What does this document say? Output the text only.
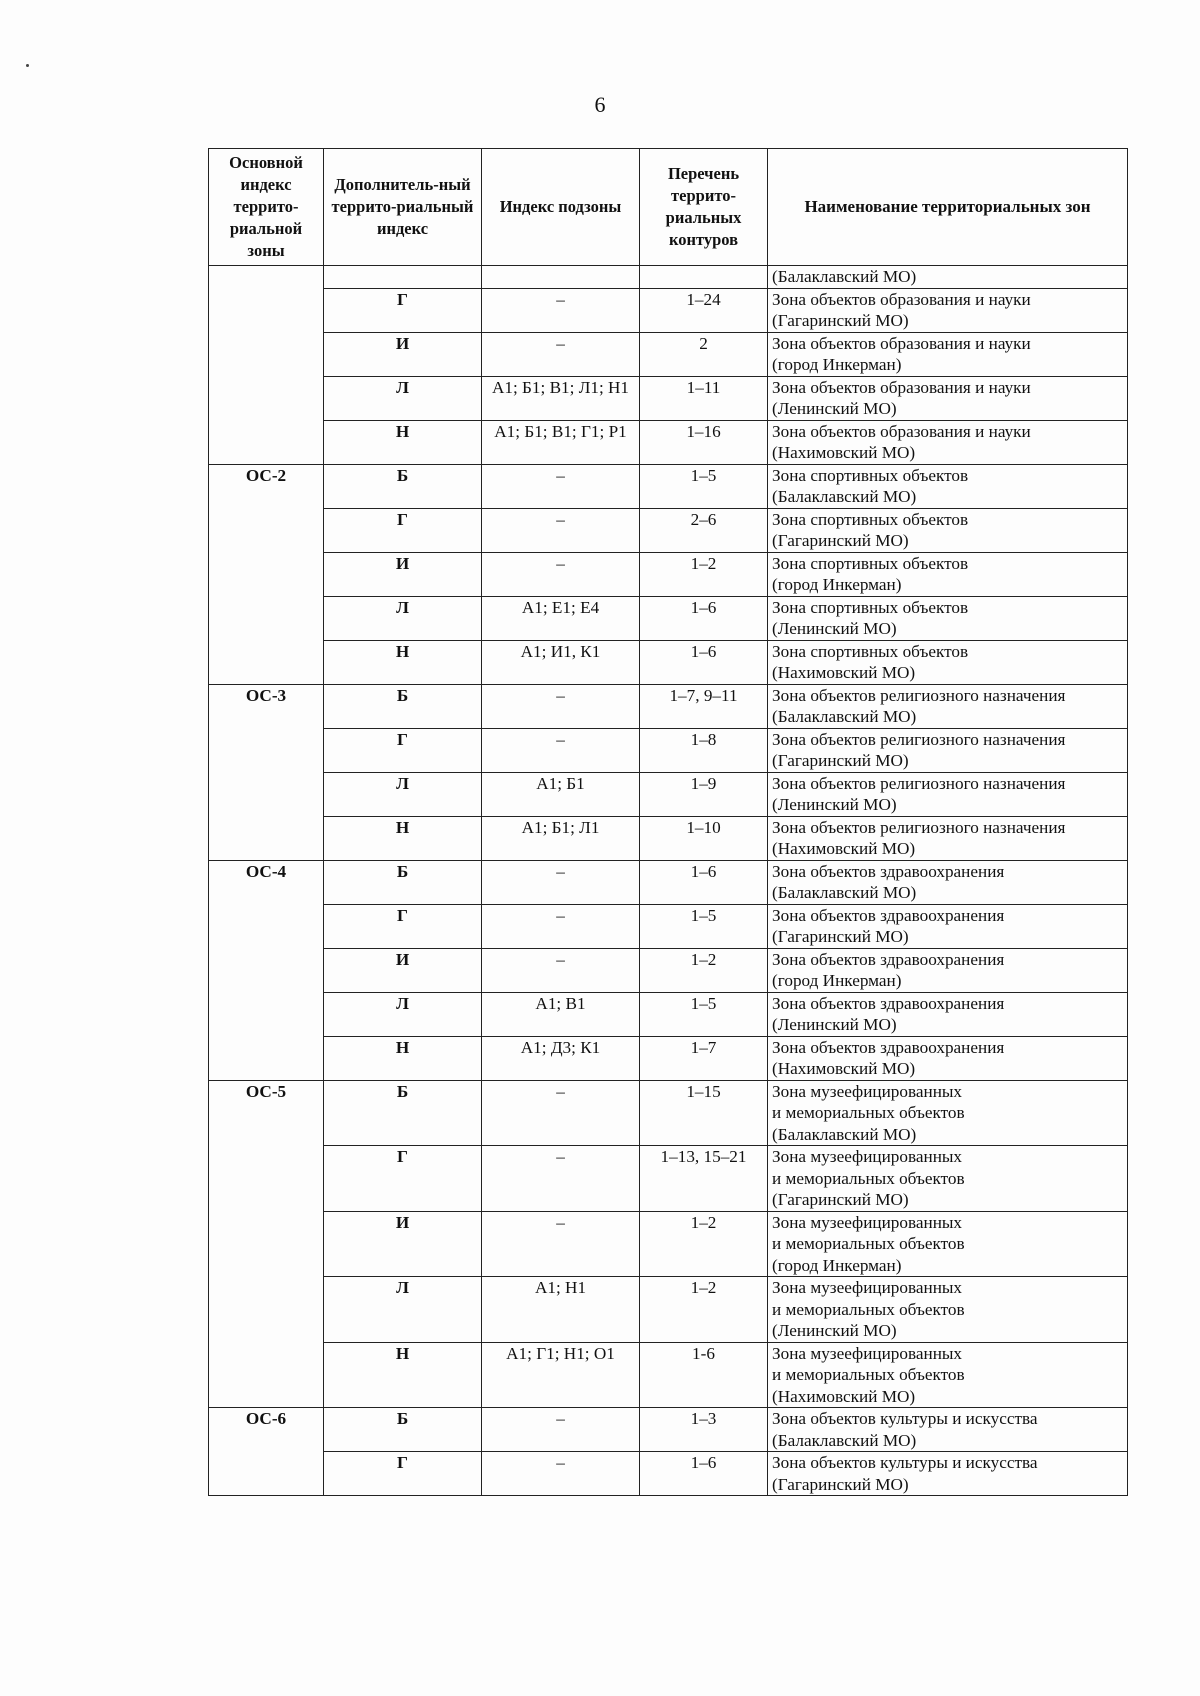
6
Основной индекс террито-риальной зоны	Дополнитель-ный террито-риальный индекс	Индекс подзоны	Перечень террито-риальных контуров	Наименование территориальных зон
				(Балаклавский МО)
	Г	–	1–24	Зона объектов образования и науки
(Гагаринский МО)

	И	–	2	Зона объектов образования и науки
(город Инкерман)

	Л	А1; Б1; В1; Л1; Н1	1–11	Зона объектов образования и науки
(Ленинский МО)

	Н	А1; Б1; В1; Г1; Р1	1–16	Зона объектов образования и науки
(Нахимовский МО)

ОС-2	Б	–	1–5	Зона спортивных объектов
(Балаклавский МО)

	Г	–	2–6	Зона спортивных объектов
(Гагаринский МО)

	И	–	1–2	Зона спортивных объектов
(город Инкерман)

	Л	А1; Е1; Е4	1–6	Зона спортивных объектов
(Ленинский МО)

	Н	А1; И1, К1	1–6	Зона спортивных объектов
(Нахимовский МО)

ОС-3	Б	–	1–7, 9–11	Зона объектов религиозного назначения
(Балаклавский МО)

	Г	–	1–8	Зона объектов религиозного назначения
(Гагаринский МО)

	Л	А1; Б1	1–9	Зона объектов религиозного назначения
(Ленинский МО)

	Н	А1; Б1; Л1	1–10	Зона объектов религиозного назначения
(Нахимовский МО)

ОС-4	Б	–	1–6	Зона объектов здравоохранения
(Балаклавский МО)

	Г	–	1–5	Зона объектов здравоохранения
(Гагаринский МО)

	И	–	1–2	Зона объектов здравоохранения
(город Инкерман)

	Л	А1; В1	1–5	Зона объектов здравоохранения
(Ленинский МО)

	Н	А1; Д3; К1	1–7	Зона объектов здравоохранения
(Нахимовский МО)

ОС-5	Б	–	1–15	Зона музеефицированных
и мемориальных объектов
(Балаклавский МО)

	Г	–	1–13, 15–21	Зона музеефицированных
и мемориальных объектов
(Гагаринский МО)

	И	–	1–2	Зона музеефицированных
и мемориальных объектов
(город Инкерман)

	Л	А1; Н1	1–2	Зона музеефицированных
и мемориальных объектов
(Ленинский МО)

	Н	А1; Г1; Н1; О1	1-6	Зона музеефицированных
и мемориальных объектов
(Нахимовский МО)

ОС-6	Б	–	1–3	Зона объектов культуры и искусства
(Балаклавский МО)

	Г	–	1–6	Зона объектов культуры и искусства
(Гагаринский МО)
